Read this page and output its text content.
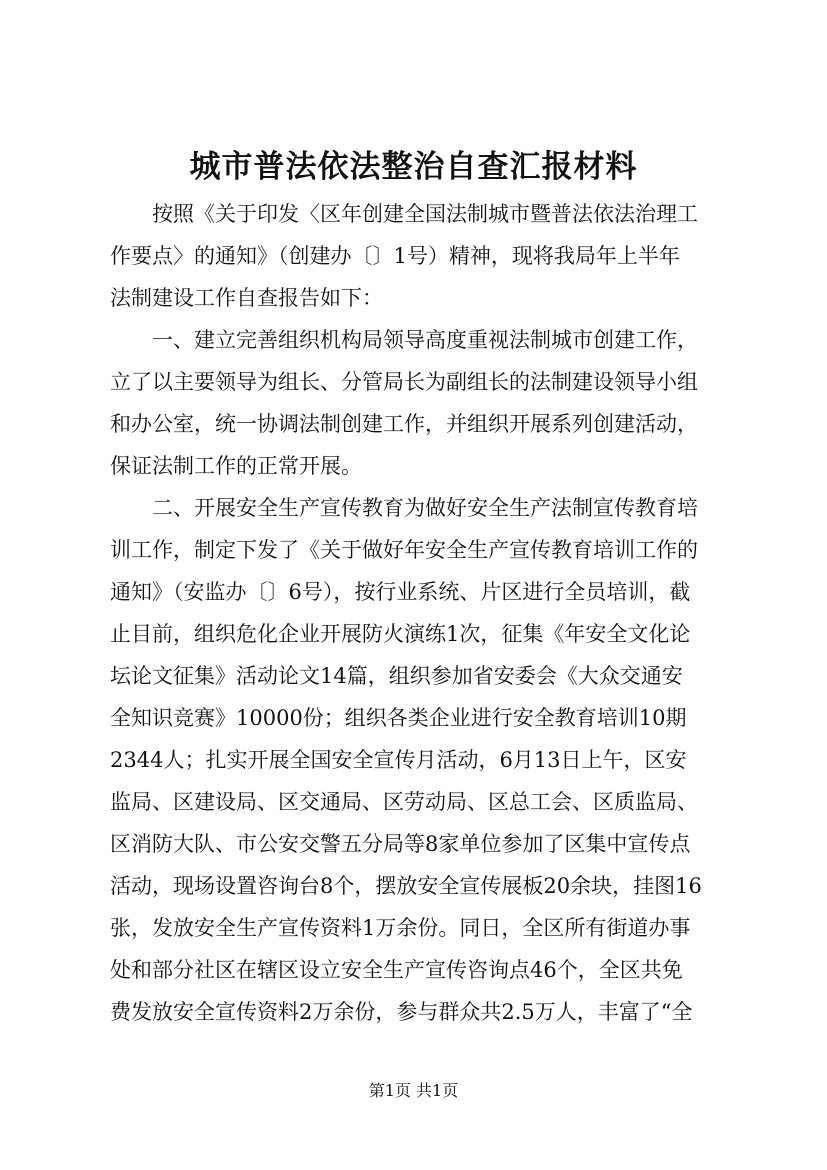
城市普法依法整治自查汇报材料

　　按照《关于印发〈区年创建全国法制城市暨普法依法治理工

作要点〉的通知》（创建办〔〕1号）精神，现将我局年上半年

法制建设工作自查报告如下：

　　一、建立完善组织机构局领导高度重视法制城市创建工作，

立了以主要领导为组长、分管局长为副组长的法制建设领导小组

和办公室，统一协调法制创建工作，并组织开展系列创建活动，

保证法制工作的正常开展。

　　二、开展安全生产宣传教育为做好安全生产法制宣传教育培

训工作，制定下发了《关于做好年安全生产宣传教育培训工作的

通知》（安监办〔〕6号），按行业系统、片区进行全员培训，截

止目前，组织危化企业开展防火演练1次，征集《年安全文化论

坛论文征集》活动论文14篇，组织参加省安委会《大众交通安

全知识竞赛》10000份；组织各类企业进行安全教育培训10期

2344人；扎实开展全国安全宣传月活动，6月13日上午，区安

监局、区建设局、区交通局、区劳动局、区总工会、区质监局、

区消防大队、市公安交警五分局等8家单位参加了区集中宣传点

活动，现场设置咨询台8个，摆放安全宣传展板20余块，挂图16

张，发放安全生产宣传资料1万余份。同日，全区所有街道办事

处和部分社区在辖区设立安全生产宣传咨询点46个，全区共免

费发放安全宣传资料2万余份，参与群众共2.5万人，丰富了“全

第1页 共1页
